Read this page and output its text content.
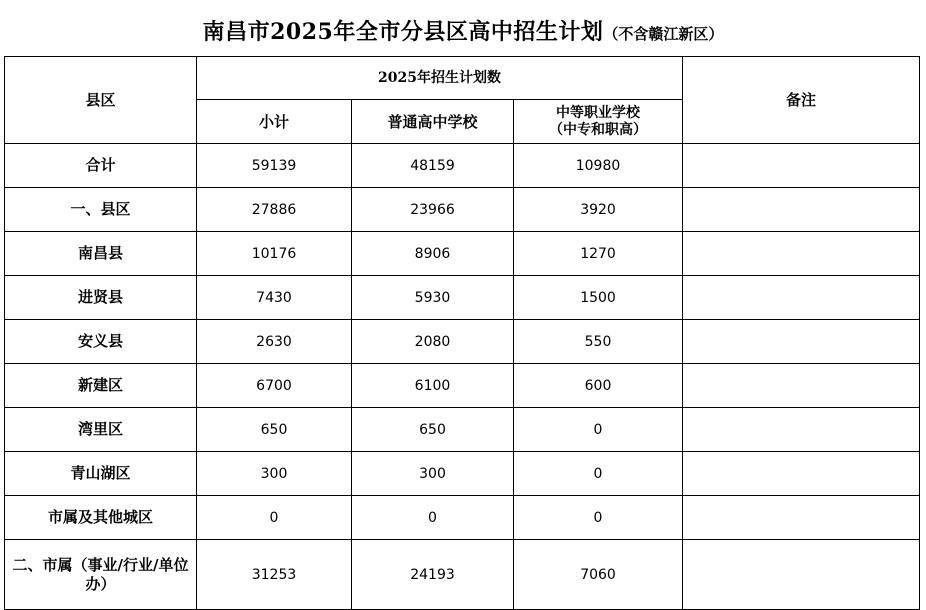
南昌市2025年全市分县区高中招生计划（不含赣江新区）
县区	2025年招生计划数			备注
	小计	普通高中学校	中等职业学校
（中专和职高）	
合计	59139	48159	10980	
一、县区	27886	23966	3920	
南昌县	10176	8906	1270	
进贤县	7430	5930	1500	
安义县	2630	2080	550	
新建区	6700	6100	600	
湾里区	650	650	0	
青山湖区	300	300	0	
市属及其他城区	0	0	0	
二、市属（事业/行业/单位办）	31253	24193	7060	
